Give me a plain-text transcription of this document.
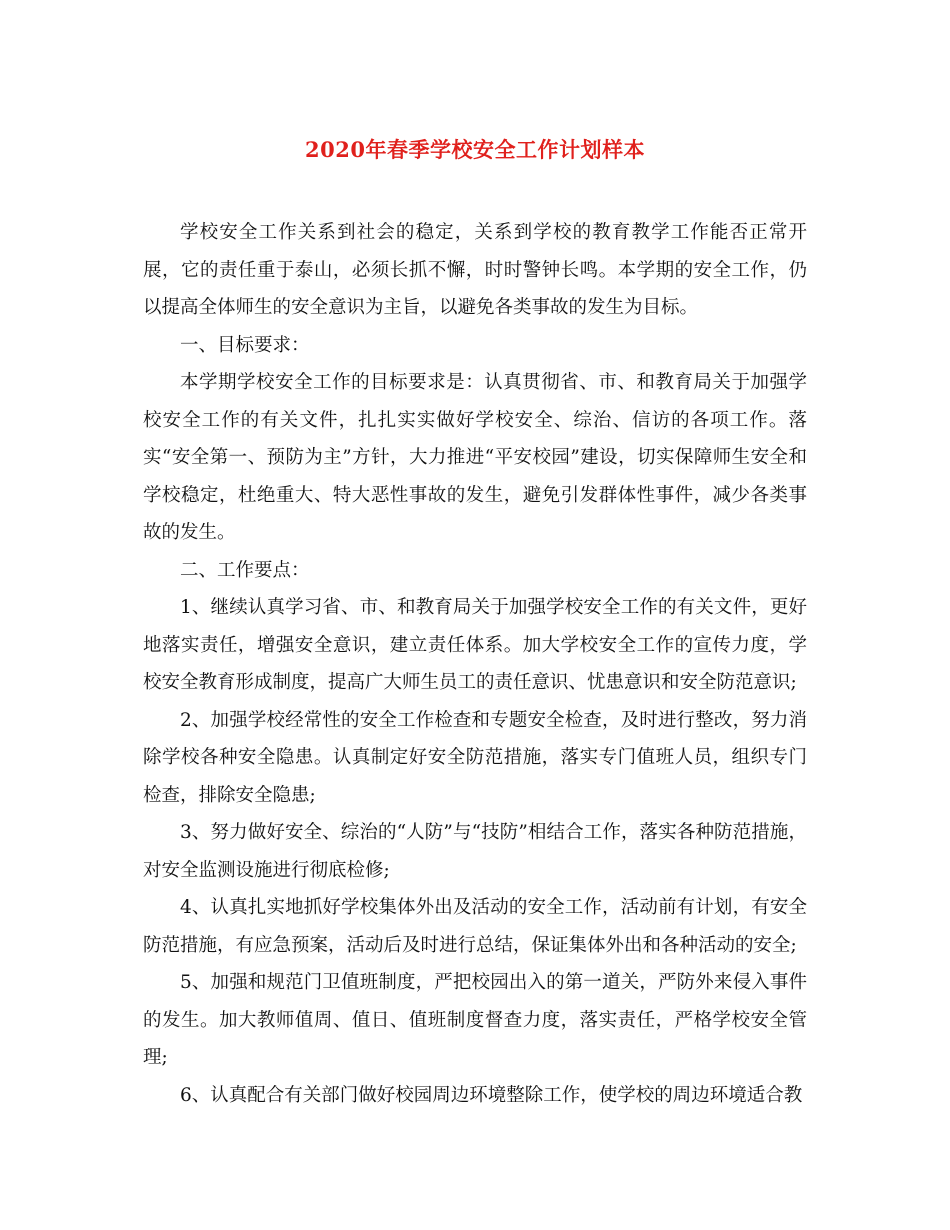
2020年春季学校安全工作计划样本

学校安全工作关系到社会的稳定，关系到学校的教育教学工作能否正常开展，它的责任重于泰山，必须长抓不懈，时时警钟长鸣。本学期的安全工作，仍以提高全体师生的安全意识为主旨，以避免各类事故的发生为目标。

一、目标要求：

本学期学校安全工作的目标要求是：认真贯彻省、市、和教育局关于加强学校安全工作的有关文件，扎扎实实做好学校安全、综治、信访的各项工作。落实“安全第一、预防为主”方针，大力推进“平安校园”建设，切实保障师生安全和学校稳定，杜绝重大、特大恶性事故的发生，避免引发群体性事件，减少各类事故的发生。

二、工作要点：

1、继续认真学习省、市、和教育局关于加强学校安全工作的有关文件，更好地落实责任，增强安全意识，建立责任体系。加大学校安全工作的宣传力度，学校安全教育形成制度，提高广大师生员工的责任意识、忧患意识和安全防范意识;

2、加强学校经常性的安全工作检查和专题安全检查，及时进行整改，努力消除学校各种安全隐患。认真制定好安全防范措施，落实专门值班人员，组织专门检查，排除安全隐患;

3、努力做好安全、综治的“人防”与“技防”相结合工作，落实各种防范措施，对安全监测设施进行彻底检修;

4、认真扎实地抓好学校集体外出及活动的安全工作，活动前有计划，有安全防范措施，有应急预案，活动后及时进行总结，保证集体外出和各种活动的安全;

5、加强和规范门卫值班制度，严把校园出入的第一道关，严防外来侵入事件的发生。加大教师值周、值日、值班制度督查力度，落实责任，严格学校安全管理;

6、认真配合有关部门做好校园周边环境整除工作，使学校的周边环境适合教
